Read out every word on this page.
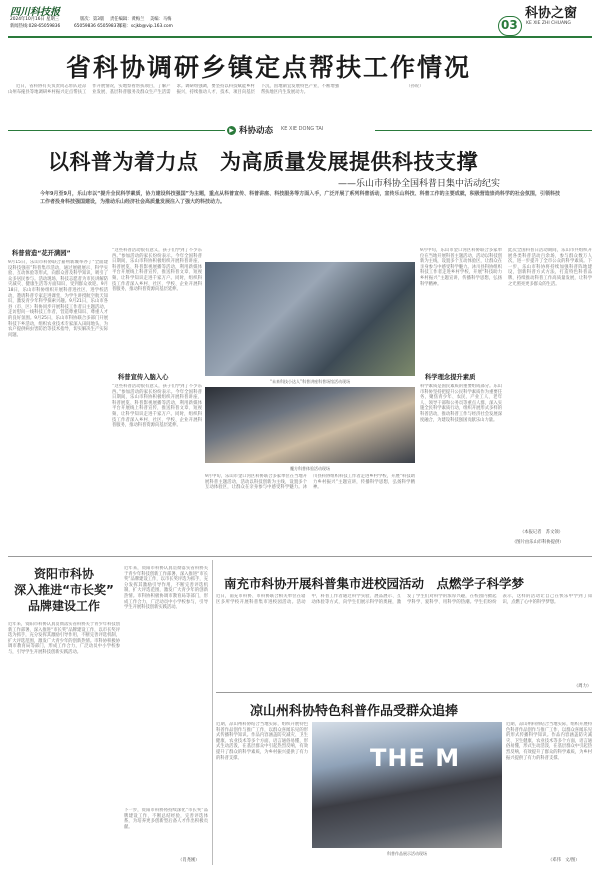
四川科技报
2024年10月16日 星期三	版次：第3版 责任编辑：黄梅兰 美编：马梅
新闻热线:028-65059836	65059836 65059837
邮箱：scjkb@vip.163.com	03
科协之窗
KE XIE ZHI CHUANG
省科协调研乡镇定点帮扶工作情况

近日，省科协有关负责同志带队赴凉山州布拖县等地调研乡村振兴定点帮扶工作开展情况，实地察看帮扶项目，了解产业发展、基层科普服务及群众生产生活需求。调研组强调，要坚持以科技赋能乡村振兴，持续推动人才、技术、项目向基层下沉，因地制宜发展特色产业，不断增强帮扶地区内生发展动力。

（孙锐）

▶ 科协动态 KE XIE DONG TAI
以科普为着力点　为高质量发展提供科技支撑
——乐山市科协全国科普日集中活动纪实
今年9月至9月，乐山市以“提升全民科学素质，协力建设科技强国”为主题，重点从科普宣传、科普讲座、科技服务等方面入手，广泛开展了系列科普活动，宣传乐山科技、科普工作的主要成就，积极营造崇尚科学的社会氛围，引领科技工作者投身科技强国建设，为推动乐山经济社会高质量发展注入了强大的科技动力。
科普营造“花开满园”
9月15日，乐山市科协联合嘉州新城举办了“全面建设科技强省”科普集市活动，通过展板展示、科学实验、互动体验等形式，向群众普及科学知识，吸引了众多居民参与。活动现场，科技志愿者为市民讲解防灾减灾、健康生活等方面知识，受到群众欢迎。9月18日，乐山市科协组织开展科普进社区、进学校活动，邀请科普专家走进课堂，为学生讲授航空航天知识，激发青少年科学探索兴趣。9月21日，乐山市各县（市、区）科协同步开展科技工作者日主题活动，走访慰问一线科技工作者，营造尊重知识、尊重人才的良好氛围。9月25日，乐山市科协联合多部门开展科技下乡活动，组织农业技术专家深入田间地头，为农户提供病虫害防治等技术指导，切实解决生产实际问题。
“未来科技小达人”科普讲座科普场馆活动现场
魔方科普体验活动现场
“这些科普活动很有意义，孩子们学到了不少东西。”参加活动的家长纷纷表示。今年全国科普日期间，乐山市科协积极组织开展科普讲座、科普展览、科普影视展播等活动，利用新媒体平台开展线上科普宣传，推送科普文章、短视频，让科学知识走进千家万户。同时，组织科技工作者深入乡村、社区、学校、企业开展科普服务，推动科普资源向基层延伸。
科普宣传入脑入心
“这些科普活动很有意义，孩子们学到了不少东西。”参加活动的家长纷纷表示。今年全国科普日期间，乐山市科协积极组织开展科普讲座、科普展览、科普影视展播等活动，利用新媒体平台开展线上科普宣传，推送科普文章、短视频，让科学知识走进千家万户。同时，组织科技工作者深入乡村、社区、学校、企业开展科普服务，推动科普资源向基层延伸。
9月中旬，乐山市金口河区科协联合多家单位在当地开展科普主题活动，活动以科技创新为主线，设置多个互动体验区，让群众在亲身参与中感受科学魅力。沐川县科协组织科技工作者走进乡村学校，开展“科技助力乡村振兴”主题宣讲，传播科学思想，弘扬科学精神。
9月中旬，乐山市金口河区科协联合多家单位在当地开展科普主题活动，活动以科技创新为主线，设置多个互动体验区，让群众在亲身参与中感受科学魅力。沐川县科协组织科技工作者走进乡村学校，开展“科技助力乡村振兴”主题宣讲，传播科学思想，弘扬科学精神。
科学理念提升素质
科学素质是国民素质的重要组成部分。乐山市科协坚持把提升公民科学素质作为重要任务，聚焦青少年、农民、产业工人、老年人、领导干部和公务员等重点人群，深入实施全民科学素质行动，组织开展形式多样的科普活动，推动科普工作与经济社会发展深度融合，为建设科技强国贡献乐山力量。
此次全国科普日活动期间，乐山市共组织开展各类科普活动百余场，参与群众数万人次，进一步提升了全市公众的科学素质。下一步，乐山市科协将持续加强科普阵地建设，创新科普方式方法，打造特色科普品牌，持续推动科普工作高质量发展，让科学之光照亮更多群众的生活。
（本报记者　苏文领）
（图片由乐山市科协提供）
资阳市科协
深入推进“市长奖”
品牌建设工作
近年来，资阳市科协认真贯彻落实省科协关于青少年科技创新工作部署，深入推进“市长奖”品牌建设工作，以市长奖评选为抓手，充分发挥其激励引导作用，不断完善评选机制，扩大评选范围，激发广大青少年的创新热情。市科协积极协调市教育局等部门，形成工作合力，广泛动员中小学校参与，引导学生开展科技创新实践活动。
近年来，资阳市科协认真贯彻落实省科协关于青少年科技创新工作部署，深入推进“市长奖”品牌建设工作，以市长奖评选为抓手，充分发挥其激励引导作用，不断完善评选机制，扩大评选范围，激发广大青少年的创新热情。市科协积极协调市教育局等部门，形成工作合力，广泛动员中小学校参与，引导学生开展科技创新实践活动。
下一步，资阳市科协将持续深化“市长奖”品牌建设工作，不断总结经验，完善评选体系，为培养更多创新型后备人才作出积极贡献。
（肖尧刚）
南充市科协开展科普集市进校园活动　点燃学子科学梦
近日，南充市科协、市科协联合相关单位在辖区多所学校开展科普集市进校园活动。活动中，科普工作者通过科学实验、展品展示、互动体验等方式，向学生们展示科学的奥秘，激发了学生们对科学的浓厚兴趣，在校园内掀起学科学、爱科学、用科学的热潮。学生们纷纷表示，这样的活动让自己在快乐中学到了知识，点燃了心中的科学梦想。
（周力）
凉山州科协特色科普作品受群众追捧
近期，凉山州科协结合当地实际，组织开展特色科普作品创作与推广工作，以群众喜闻乐见的形式传播科学知识。作品内容涵盖防灾减灾、卫生健康、农业技术等多个方面，语言通俗易懂，形式生动活泼，在基层群众中引起热烈反响，有效提升了群众的科学素质，为乡村振兴提供了有力的科普支撑。	THE M
科普作品展示活动现场
近期，凉山州科协结合当地实际，组织开展特色科普作品创作与推广工作，以群众喜闻乐见的形式传播科学知识。作品内容涵盖防灾减灾、卫生健康、农业技术等多个方面，语言通俗易懂，形式生动活泼，在基层群众中引起热烈反响，有效提升了群众的科学素质，为乡村振兴提供了有力的科普支撑。
（邓伟　文/图）
